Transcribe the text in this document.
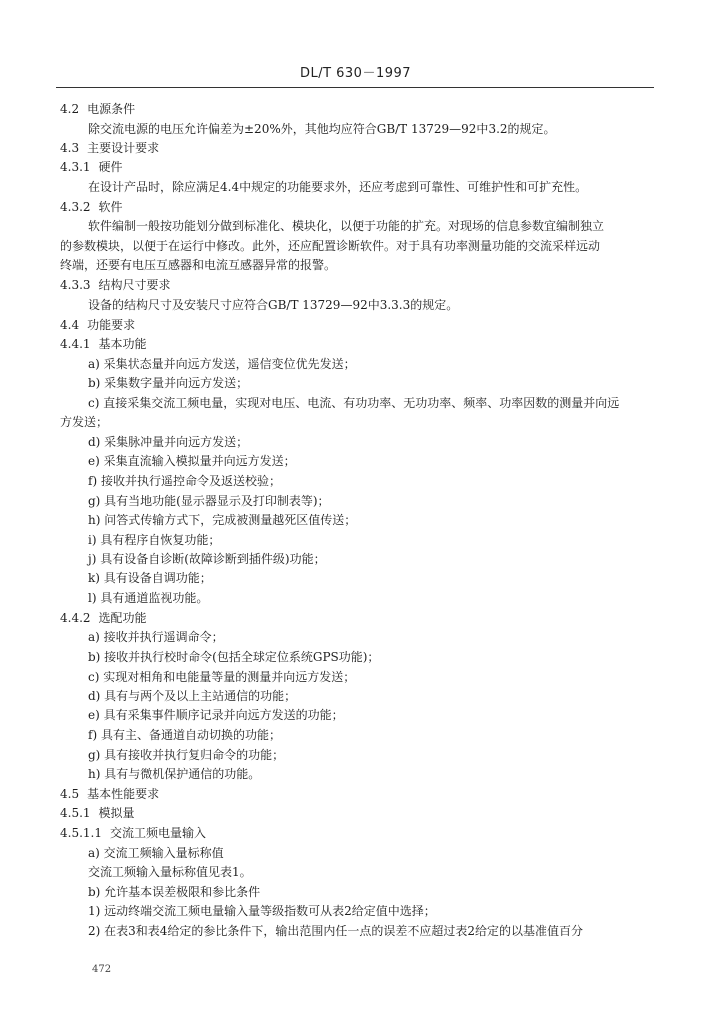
DL/T 630－1997
4.2 电源条件
除交流电源的电压允许偏差为±20%外，其他均应符合GB/T 13729—92中3.2的规定。
4.3 主要设计要求
4.3.1 硬件
在设计产品时，除应满足4.4中规定的功能要求外，还应考虑到可靠性、可维护性和可扩充性。
4.3.2 软件
软件编制一般按功能划分做到标准化、模块化，以便于功能的扩充。对现场的信息参数宜编制独立
的参数模块，以便于在运行中修改。此外，还应配置诊断软件。对于具有功率测量功能的交流采样远动
终端，还要有电压互感器和电流互感器异常的报警。
4.3.3 结构尺寸要求
设备的结构尺寸及安装尺寸应符合GB/T 13729—92中3.3.3的规定。
4.4 功能要求
4.4.1 基本功能
a) 采集状态量并向远方发送，遥信变位优先发送；
b) 采集数字量并向远方发送；
c) 直接采集交流工频电量，实现对电压、电流、有功功率、无功功率、频率、功率因数的测量并向远
方发送；
d) 采集脉冲量并向远方发送；
e) 采集直流输入模拟量并向远方发送；
f) 接收并执行遥控命令及返送校验；
g) 具有当地功能(显示器显示及打印制表等)；
h) 问答式传输方式下，完成被测量越死区值传送；
i) 具有程序自恢复功能；
j) 具有设备自诊断(故障诊断到插件级)功能；
k) 具有设备自调功能；
l) 具有通道监视功能。
4.4.2 选配功能
a) 接收并执行遥调命令；
b) 接收并执行校时命令(包括全球定位系统GPS功能)；
c) 实现对相角和电能量等量的测量并向远方发送；
d) 具有与两个及以上主站通信的功能；
e) 具有采集事件顺序记录并向远方发送的功能；
f) 具有主、备通道自动切换的功能；
g) 具有接收并执行复归命令的功能；
h) 具有与微机保护通信的功能。
4.5 基本性能要求
4.5.1 模拟量
4.5.1.1 交流工频电量输入
a) 交流工频输入量标称值
交流工频输入量标称值见表1。
b) 允许基本误差极限和参比条件
1) 远动终端交流工频电量输入量等级指数可从表2给定值中选择；
2) 在表3和表4给定的参比条件下，输出范围内任一点的误差不应超过表2给定的以基准值百分
472
